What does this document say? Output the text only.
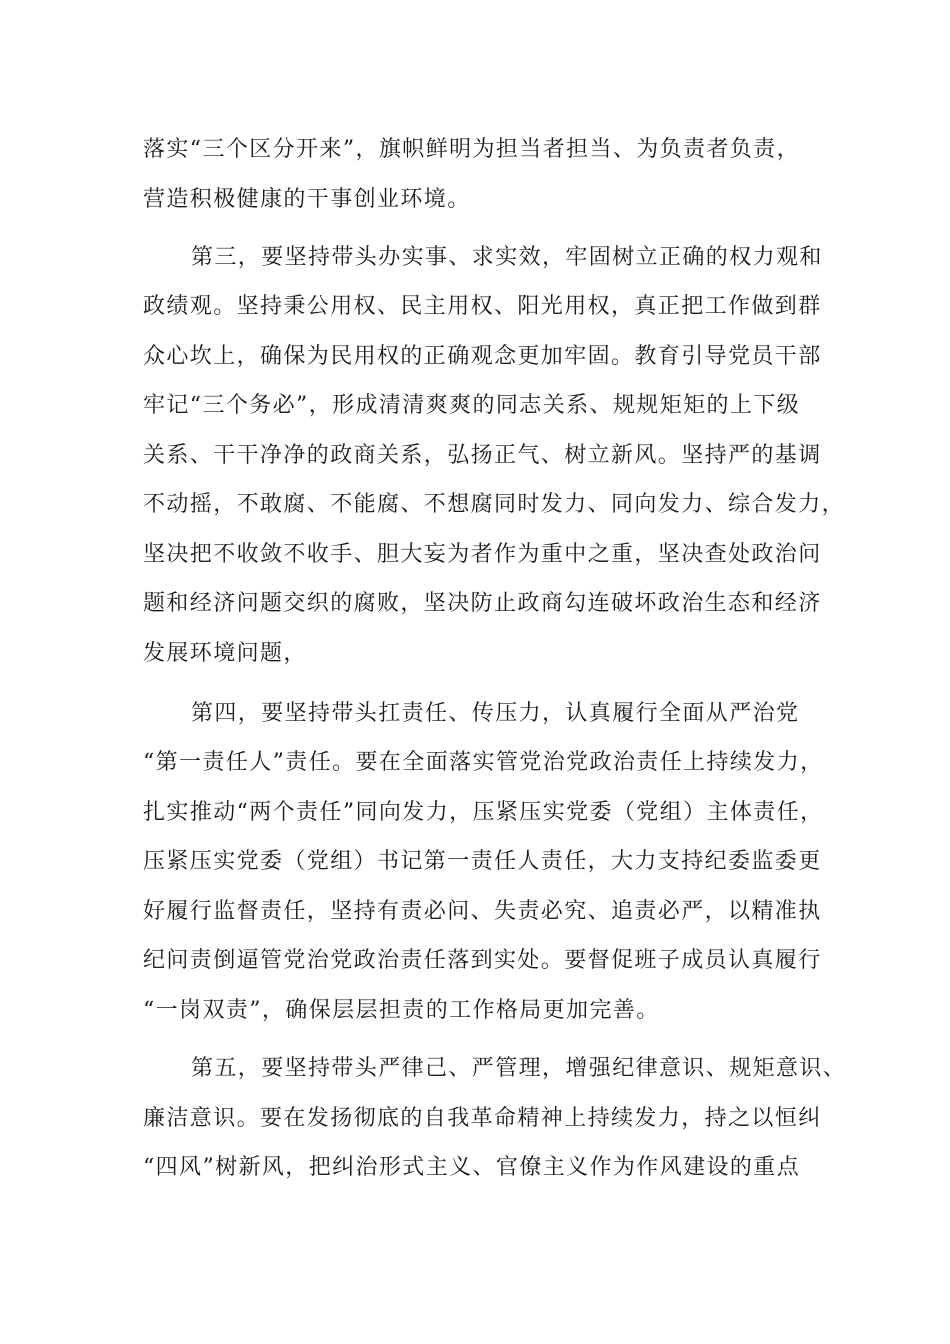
落实“三个区分开来”，旗帜鲜明为担当者担当、为负责者负责，
营造积极健康的干事创业环境。
第三，要坚持带头办实事、求实效，牢固树立正确的权力观和
政绩观。坚持秉公用权、民主用权、阳光用权，真正把工作做到群
众心坎上，确保为民用权的正确观念更加牢固。教育引导党员干部
牢记“三个务必”，形成清清爽爽的同志关系、规规矩矩的上下级
关系、干干净净的政商关系，弘扬正气、树立新风。坚持严的基调
不动摇，不敢腐、不能腐、不想腐同时发力、同向发力、综合发力，
坚决把不收敛不收手、胆大妄为者作为重中之重，坚决查处政治问
题和经济问题交织的腐败，坚决防止政商勾连破坏政治生态和经济
发展环境问题，
第四，要坚持带头扛责任、传压力，认真履行全面从严治党
“第一责任人”责任。要在全面落实管党治党政治责任上持续发力，
扎实推动“两个责任”同向发力，压紧压实党委（党组）主体责任，
压紧压实党委（党组）书记第一责任人责任，大力支持纪委监委更
好履行监督责任，坚持有责必问、失责必究、追责必严，以精准执
纪问责倒逼管党治党政治责任落到实处。要督促班子成员认真履行
“一岗双责”，确保层层担责的工作格局更加完善。
第五，要坚持带头严律己、严管理，增强纪律意识、规矩意识、
廉洁意识。要在发扬彻底的自我革命精神上持续发力，持之以恒纠
“四风”树新风，把纠治形式主义、官僚主义作为作风建设的重点
